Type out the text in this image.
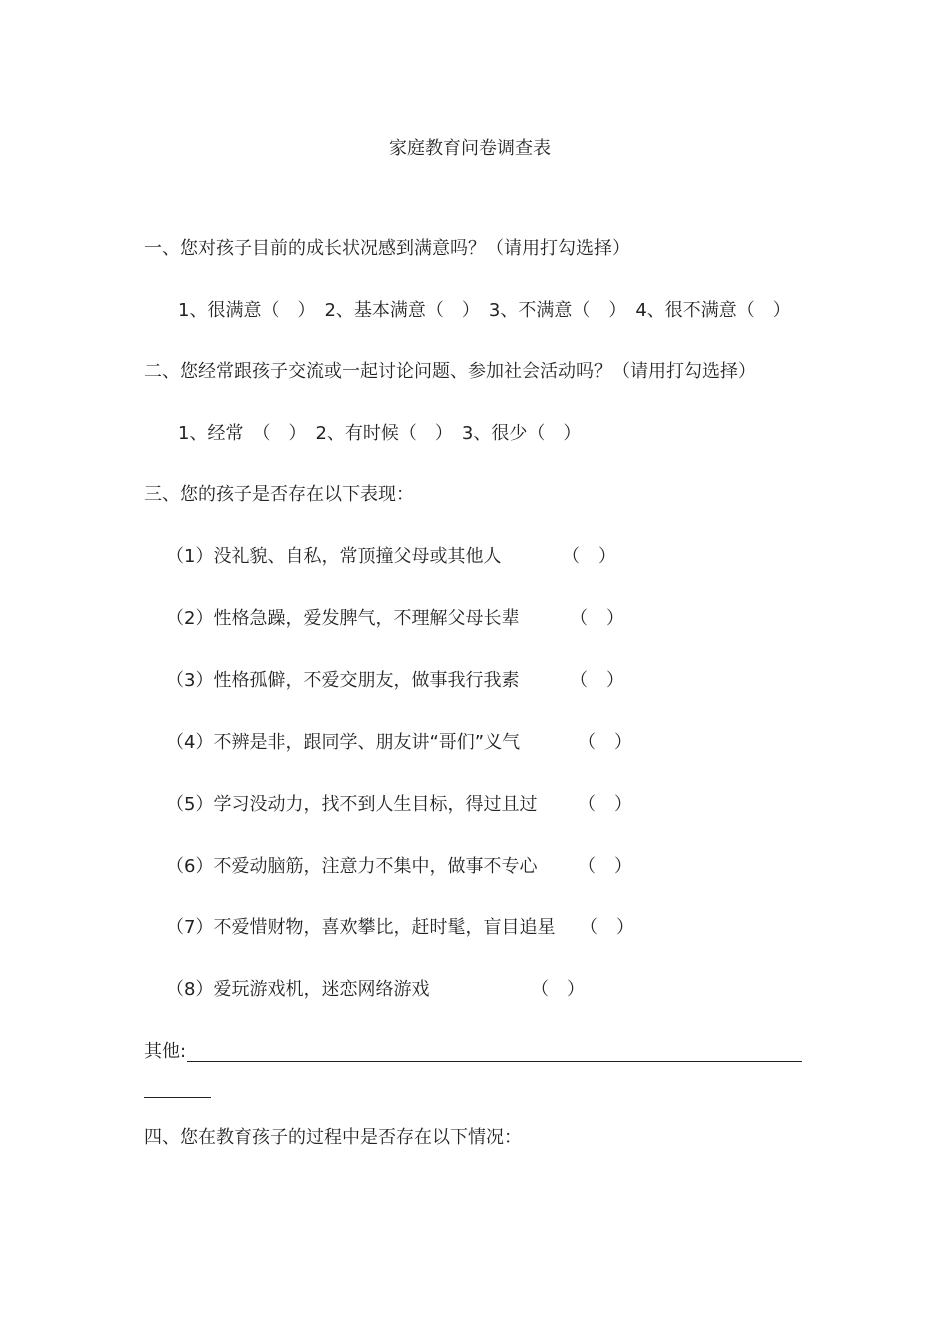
家庭教育问卷调查表
一、您对孩子目前的成长状况感到满意吗？（请用打勾选择）
1、很满意（　）　2、基本满意（　）　3、不满意（　）　4、很不满意（　）
二、您经常跟孩子交流或一起讨论问题、参加社会活动吗？（请用打勾选择）
1、经常　（　）　2、有时候（　）　3、很少（　）
三、您的孩子是否存在以下表现：
（1）没礼貌、自私，常顶撞父母或其他人	（　）
（2）性格急躁，爱发脾气，不理解父母长辈	（　）
（3）性格孤僻，不爱交朋友，做事我行我素	（　）
（4）不辨是非，跟同学、朋友讲“哥们”义气	（　）
（5）学习没动力，找不到人生目标，得过且过 （　）
（6）不爱动脑筋，注意力不集中，做事不专心 （　）
（7）不爱惜财物，喜欢攀比，赶时髦，盲目追星 （　）
（8）爱玩游戏机，迷恋网络游戏	（　）
其他:
四、您在教育孩子的过程中是否存在以下情况：
